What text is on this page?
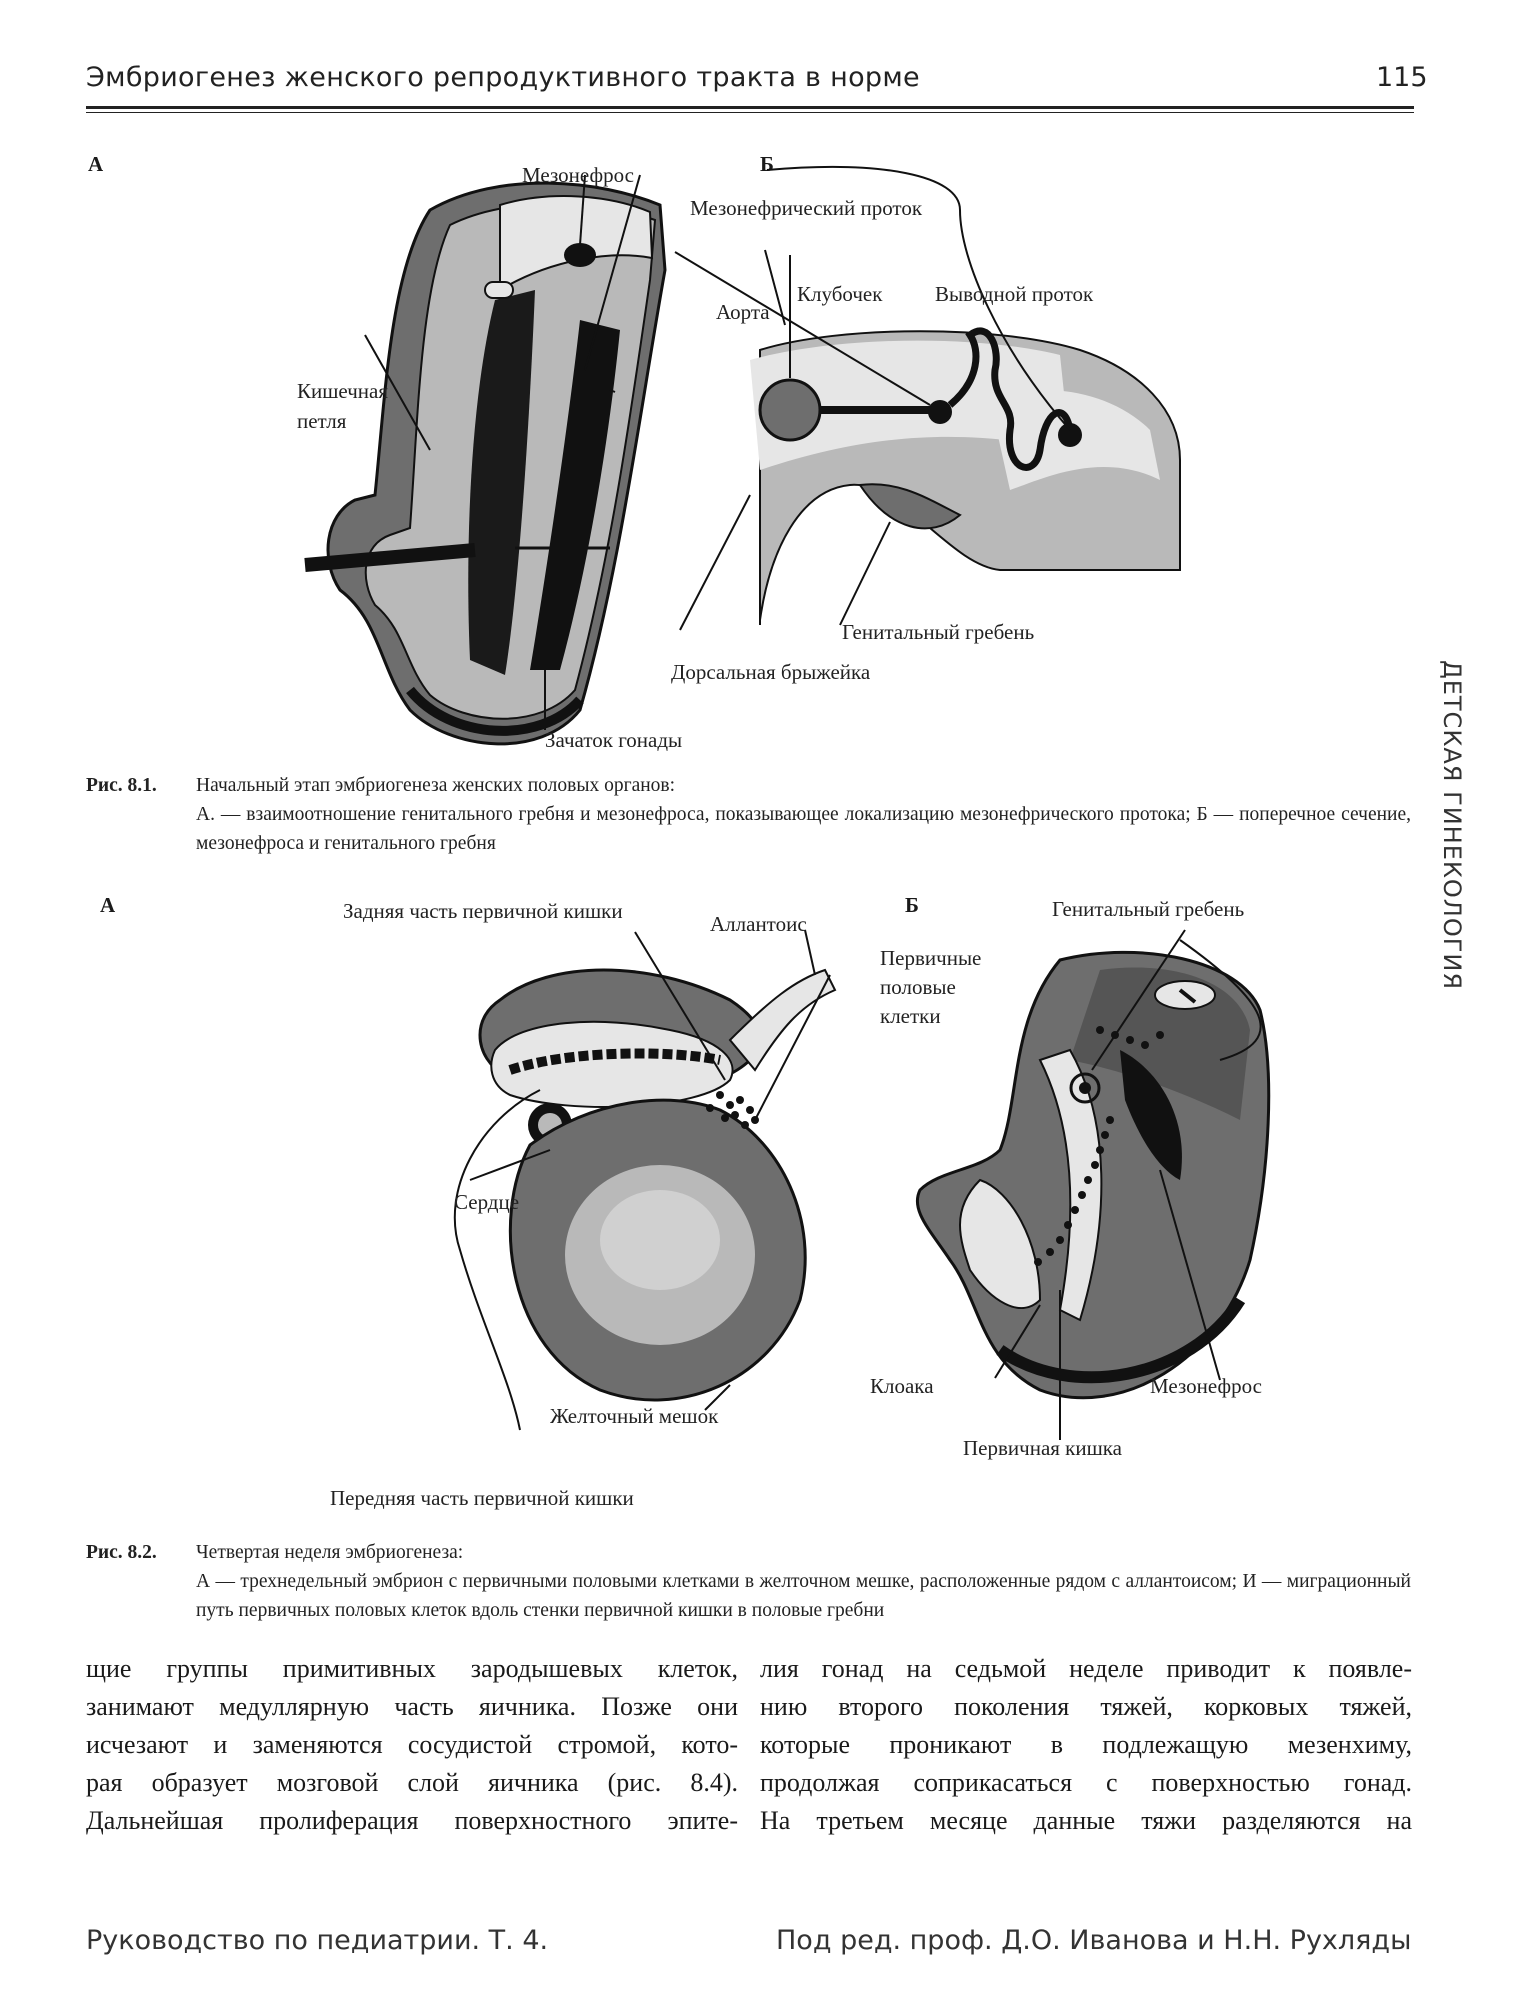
Эмбриогенез женского репродуктивного тракта в норме	115
ДЕТСКАЯ ГИНЕКОЛОГИЯ
А	Б
Мезонефрос
Мезонефрический проток
Клубочек	Выводной проток
Аорта
Кишечная
петля
Генитальный гребень
Дорсальная брыжейка
Зачаток гонады
Рис. 8.1. Начальный этап эмбриогенеза женских половых органов:
А. — взаимоотношение генитального гребня и мезонефроса, показывающее локализацию мезонефрического протока; Б — поперечное сечение, мезонефроса и генитального гребня
А	Б
Задняя часть первичной кишки
Аллантоис
Генитальный гребень
Первичные
половые
клетки
Сердце
Желточный мешок
Клоака	Мезонефрос
Первичная кишка
Передняя часть первичной кишки
Рис. 8.2. Четвертая неделя эмбриогенеза:
А — трехнедельный эмбрион с первичными половыми клетками в желточном мешке, расположенные рядом с аллантоисом; И — миграционный путь первичных половых клеток вдоль стенки первичной кишки в половые гребни

щие группы примитивных зародышевых клеток,

занимают медуллярную часть яичника. Позже они

исчезают и заменяются сосудистой стромой, кото-

рая образует мозговой слой яичника (рис. 8.4).

Дальнейшая пролиферация поверхностного эпите-

лия гонад на седьмой неделе приводит к появле-

нию второго поколения тяжей, корковых тяжей,

которые проникают в подлежащую мезенхиму,

продолжая соприкасаться с поверхностью гонад.

На третьем месяце данные тяжи разделяются на

Руководство по педиатрии. Т. 4.	Под ред. проф. Д.О. Иванова и Н.Н. Рухляды
